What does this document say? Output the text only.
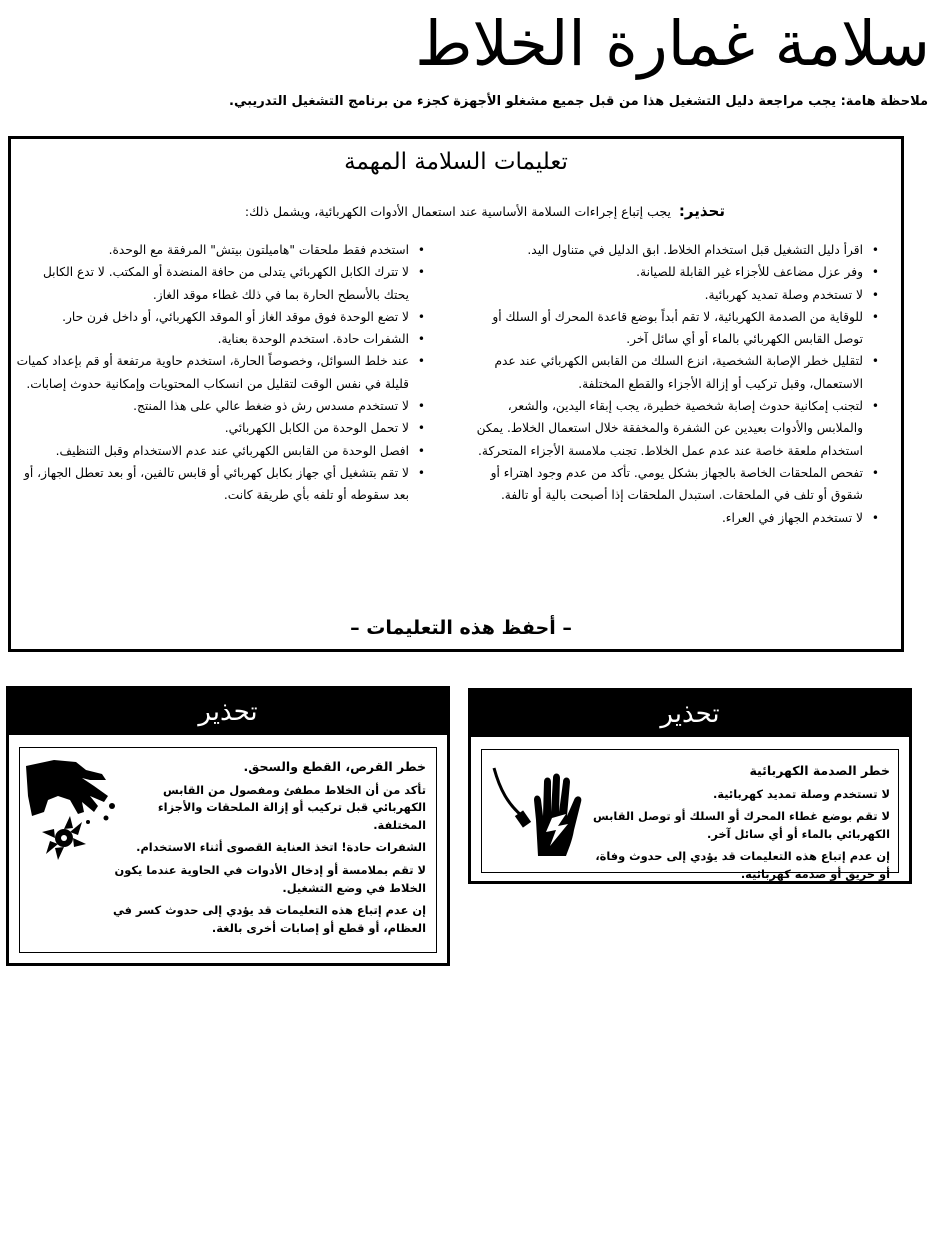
سلامة غمارة الخلاط
ملاحظة هامة: يجب مراجعة دليل التشغيل هذا من قبل جميع مشغلو الأجهزة كجزء من برنامج التشغيل التدريبي.
تعليمات السلامة المهمة
تحذير: يجب إتباع إجراءات السلامة الأساسية عند استعمال الأدوات الكهربائية، ويشمل ذلك:
• اقرأ دليل التشغيل قبل استخدام الخلاط. ابق الدليل في متناول اليد.
• وفر عزل مضاعف للأجزاء غير القابلة للصيانة.
• لا تستخدم وصلة تمديد كهربائية.
• للوقاية من الصدمة الكهربائية، لا تقم أبداً بوضع قاعدة المحرك أو السلك أو توصل القابس الكهربائي بالماء أو أي سائل آخر.
• لتقليل خطر الإصابة الشخصية، انزع السلك من القابس الكهربائي عند عدم الاستعمال، وقبل تركيب أو إزالة الأجزاء والقطع المختلفة.
• لتجنب إمكانية حدوث إصابة شخصية خطيرة، يجب إبقاء اليدين، والشعر، والملابس والأدوات بعيدين عن الشفرة والمخفقة خلال استعمال الخلاط. يمكن استخدام ملعقة خاصة عند عدم عمل الخلاط. تجنب ملامسة الأجزاء المتحركة.
• تفحص الملحقات الخاصة بالجهاز بشكل يومي. تأكد من عدم وجود اهتراء أو شقوق أو تلف في الملحقات. استبدل الملحقات إذا أصبحت بالية أو تالفة.
• لا تستخدم الجهاز في العراء.
• استخدم فقط ملحقات "هاميلتون بيتش" المرفقة مع الوحدة.
• لا تترك الكابل الكهربائي يتدلى من حافة المنضدة أو المكتب. لا تدع الكابل يحتك بالأسطح الحارة بما في ذلك غطاء موقد الغاز.
• لا تضع الوحدة فوق موقد الغاز أو الموقد الكهربائي، أو داخل فرن حار.
• الشفرات حادة. استخدم الوحدة بعناية.
• عند خلط السوائل، وخصوصاً الحارة، استخدم حاوية مرتفعة أو قم بإعداد كميات قليلة في نفس الوقت لتقليل من انسكاب المحتويات وإمكانية حدوث إصابات.
• لا تستخدم مسدس رش ذو ضغط عالي على هذا المنتج.
• لا تحمل الوحدة من الكابل الكهربائي.
• افصل الوحدة من القابس الكهربائي عند عدم الاستخدام وقبل التنظيف.
• لا تقم بتشغيل أي جهاز بكابل كهربائي أو قابس تالفين، أو بعد تعطل الجهاز، أو بعد سقوطه أو تلفه بأي طريقة كانت.
– أحفظ هذه التعليمات –
تحذير

خطر القرص، القطع والسحق.

تأكد من أن الخلاط مطفئ ومفصول من القابس الكهربائي قبل تركيب أو إزالة الملحقات والأجزاء المختلفة.

الشفرات حادة! اتخذ العناية القصوى أثناء الاستخدام.

لا تقم بملامسة أو إدخال الأدوات في الحاوية عندما يكون الخلاط في وضع التشغيل.

إن عدم إتباع هذه التعليمات قد يؤدي إلى حدوث كسر في العظام، أو قطع أو إصابات أخرى بالغة.

تحذير

خطر الصدمة الكهربائية

لا تستخدم وصلة تمديد كهربائية.

لا تقم بوضع غطاء المحرك أو السلك أو توصل القابس الكهربائي بالماء أو أي سائل آخر.

إن عدم إتباع هذه التعليمات قد يؤدي إلى حدوث وفاة، أو حريق أو صدمة كهربائية.
